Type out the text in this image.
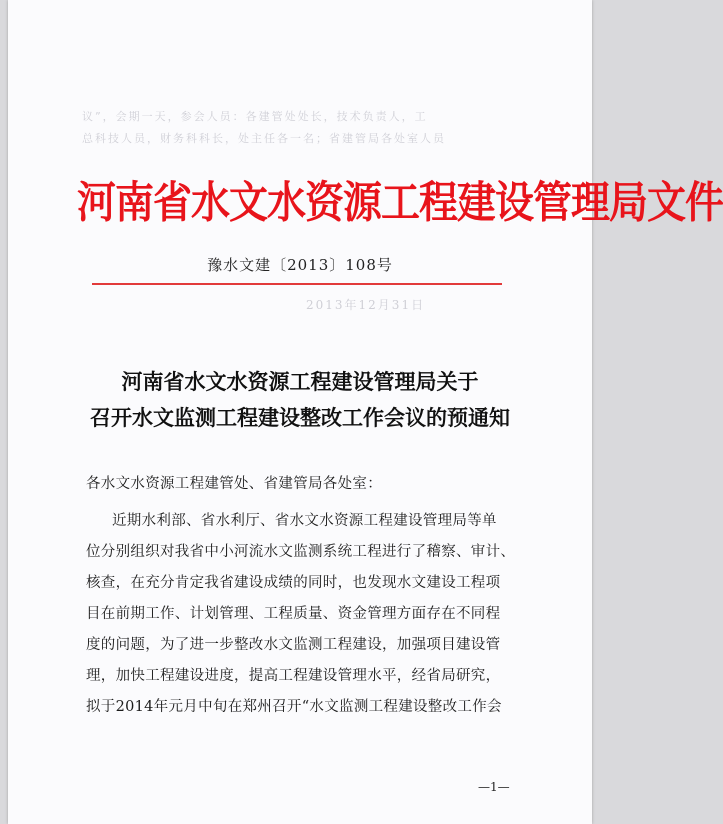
议”，会期一天，参会人员：各建管处处长，技术负责人，工
总科技人员，财务科科长，处主任各一名；省建管局各处室人员
2013年12月31日
河南省水文水资源工程建设管理局文件
豫水文建〔2013〕108号
河南省水文水资源工程建设管理局关于
召开水文监测工程建设整改工作会议的预通知
各水文水资源工程建管处、省建管局各处室：
近期水利部、省水利厅、省水文水资源工程建设管理局等单
位分别组织对我省中小河流水文监测系统工程进行了稽察、审计、
核查，在充分肯定我省建设成绩的同时，也发现水文建设工程项
目在前期工作、计划管理、工程质量、资金管理方面存在不同程
度的问题，为了进一步整改水文监测工程建设，加强项目建设管
理，加快工程建设进度，提高工程建设管理水平，经省局研究，
拟于2014年元月中旬在郑州召开“水文监测工程建设整改工作会
—1—
